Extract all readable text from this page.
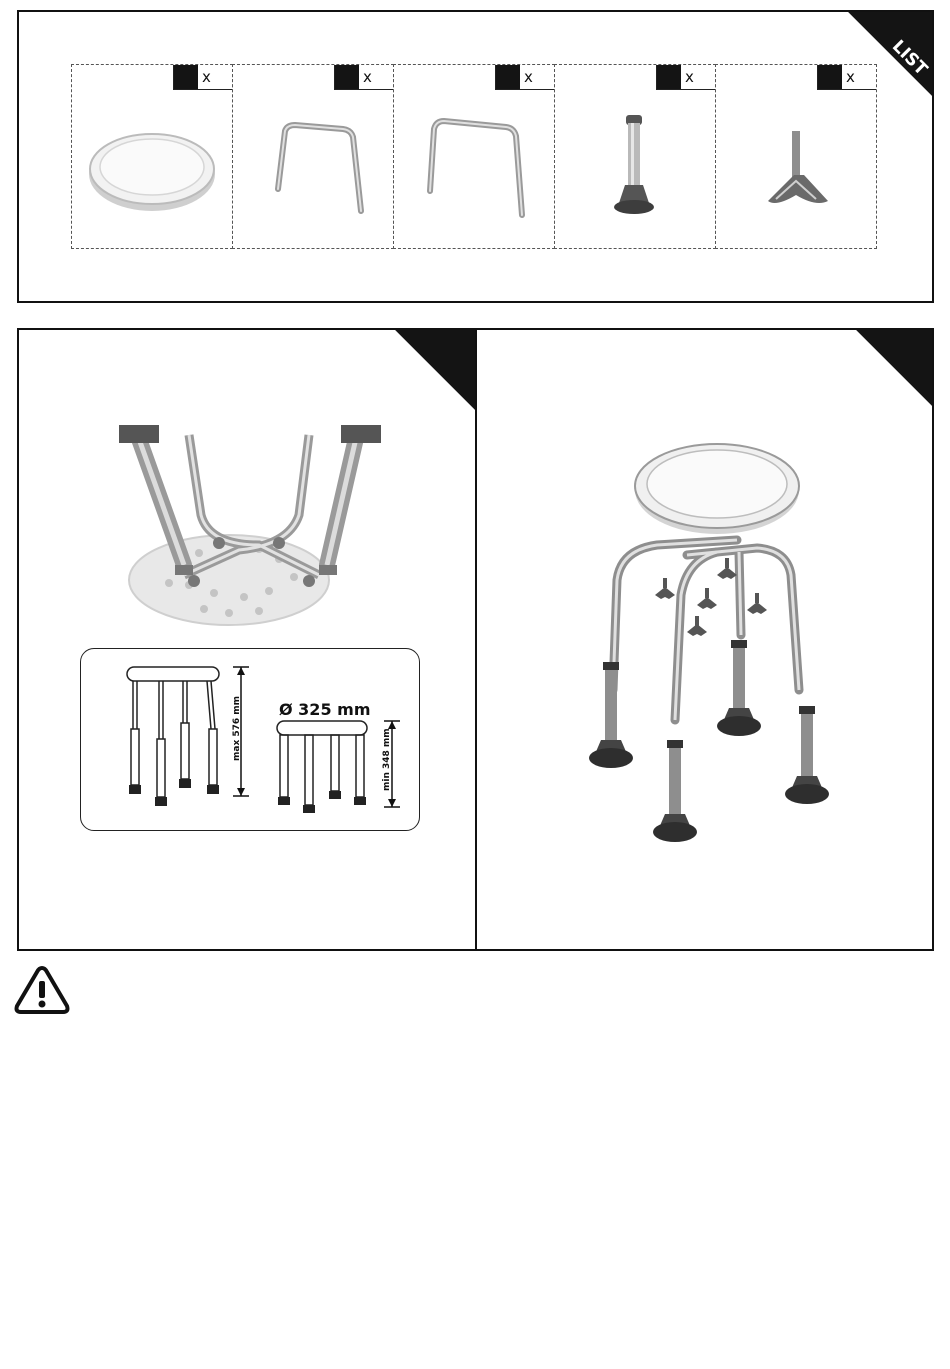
LIST
x	x	x	x	x
max 576 mm Ø 325 mm
min 348 mm
